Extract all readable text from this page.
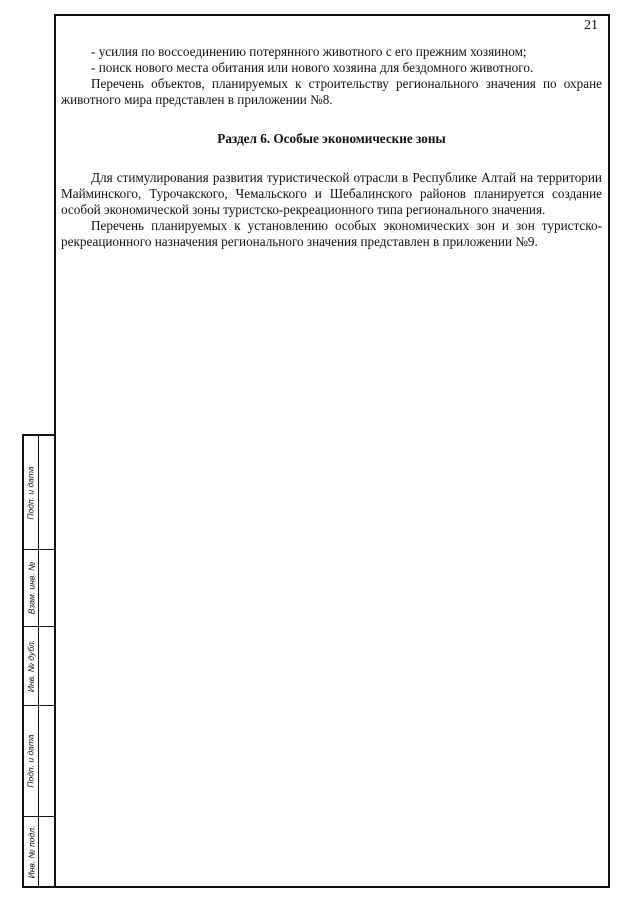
21

- усилия по воссоединению потерянного животного с его прежним хозяином;

- поиск нового места обитания или нового хозяина для бездомного животного.

Перечень объектов, планируемых к строительству регионального значения по охране животного мира представлен в приложении №8.

Раздел 6. Особые экономические зоны

Для стимулирования развития туристической отрасли в Республике Алтай на территории Майминского, Турочакского, Чемальского и Шебалинского районов планируется создание особой экономической зоны туристско-рекреационного типа регионального значения.

Перечень планируемых к установлению особых экономических зон и зон туристско-рекреационного назначения регионального значения представлен в приложении №9.

Подп. и дата
Взам. инв. №
Инв. № дубл.
Подп. и дата
Инв. № подл.
